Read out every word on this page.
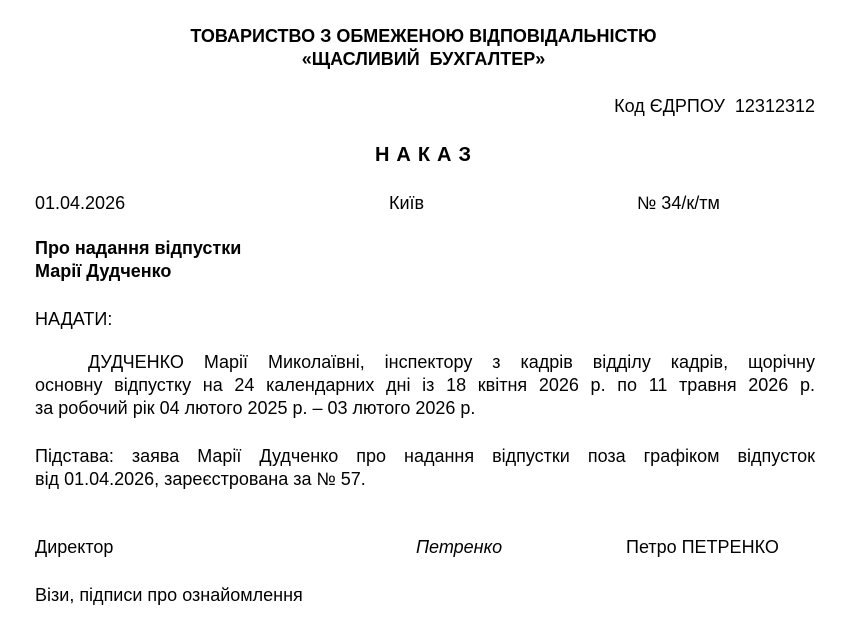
ТОВАРИСТВО З ОБМЕЖЕНОЮ ВІДПОВІДАЛЬНІСТЮ
«ЩАСЛИВИЙ  БУХГАЛТЕР»
Код ЄДРПОУ 12312312
НАКАЗ
01.04.2026	Київ	№ 34/к/тм
Про надання відпустки
Марії Дудченко
НАДАТИ:
ДУДЧЕНКО Марії Миколаївні, інспектору з кадрів відділу кадрів, щорічну
основну відпустку на 24 календарних дні із 18 квітня 2026 р. по 11 травня 2026 р.
за робочий рік 04 лютого 2025 р. – 03 лютого 2026 р.
Підстава: заява Марії Дудченко про надання відпустки поза графіком відпусток
від 01.04.2026, зареєстрована за № 57.
Директор	Петренко	Петро ПЕТРЕНКО
Візи, підписи про ознайомлення
